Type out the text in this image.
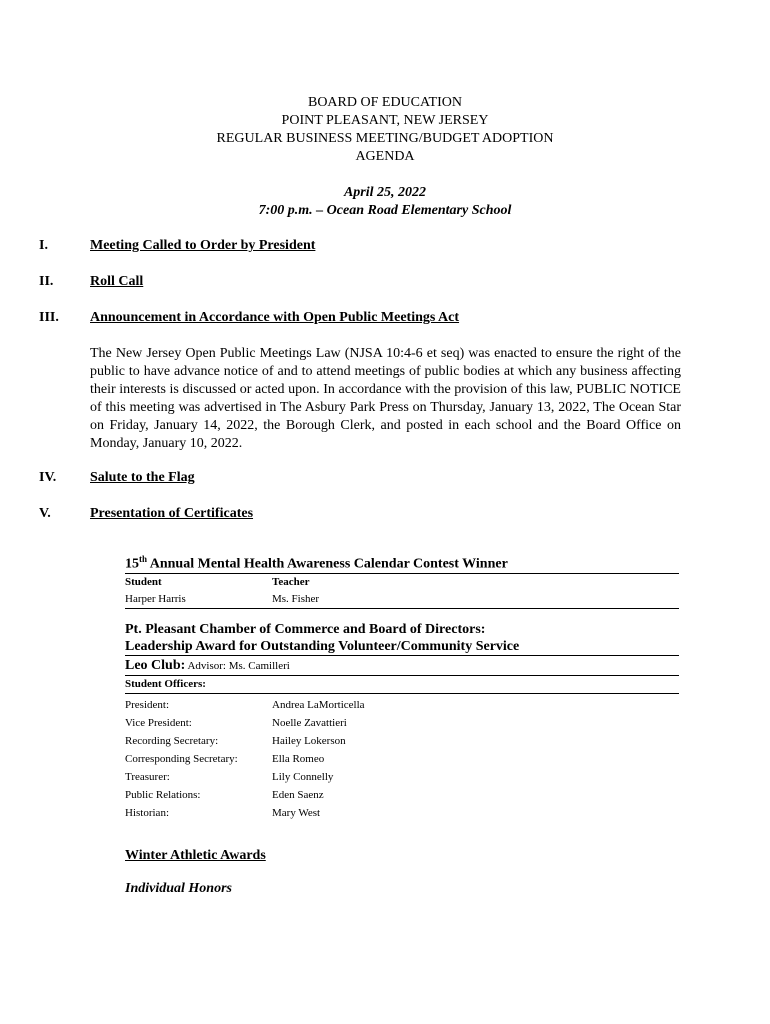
BOARD OF EDUCATION
POINT PLEASANT, NEW JERSEY
REGULAR BUSINESS MEETING/BUDGET ADOPTION
AGENDA
April 25, 2022
7:00 p.m. – Ocean Road Elementary School
I.	Meeting Called to Order by President
II.	Roll Call
III. Announcement in Accordance with Open Public Meetings Act
The New Jersey Open Public Meetings Law (NJSA 10:4-6 et seq) was enacted to ensure the right of the public to have advance notice of and to attend meetings of public bodies at which any business affecting their interests is discussed or acted upon. In accordance with the provision of this law, PUBLIC NOTICE of this meeting was advertised in The Asbury Park Press on Thursday, January 13, 2022, The Ocean Star on Friday, January 14, 2022, the Borough Clerk, and posted in each school and the Board Office on Monday, January 10, 2022.
IV. Salute to the Flag
V.	Presentation of Certificates
15th Annual Mental Health Awareness Calendar Contest Winner
Student	Teacher
Harper Harris	Ms. Fisher
Pt. Pleasant Chamber of Commerce and Board of Directors:
Leadership Award for Outstanding Volunteer/Community Service
Leo Club: Advisor: Ms. Camilleri
Student Officers:
President:	Andrea LaMorticella
Vice President:	Noelle Zavattieri
Recording Secretary:	Hailey Lokerson
Corresponding Secretary:	Ella Romeo
Treasurer:	Lily Connelly
Public Relations:	Eden Saenz
Historian:	Mary West
Winter Athletic Awards
Individual Honors
